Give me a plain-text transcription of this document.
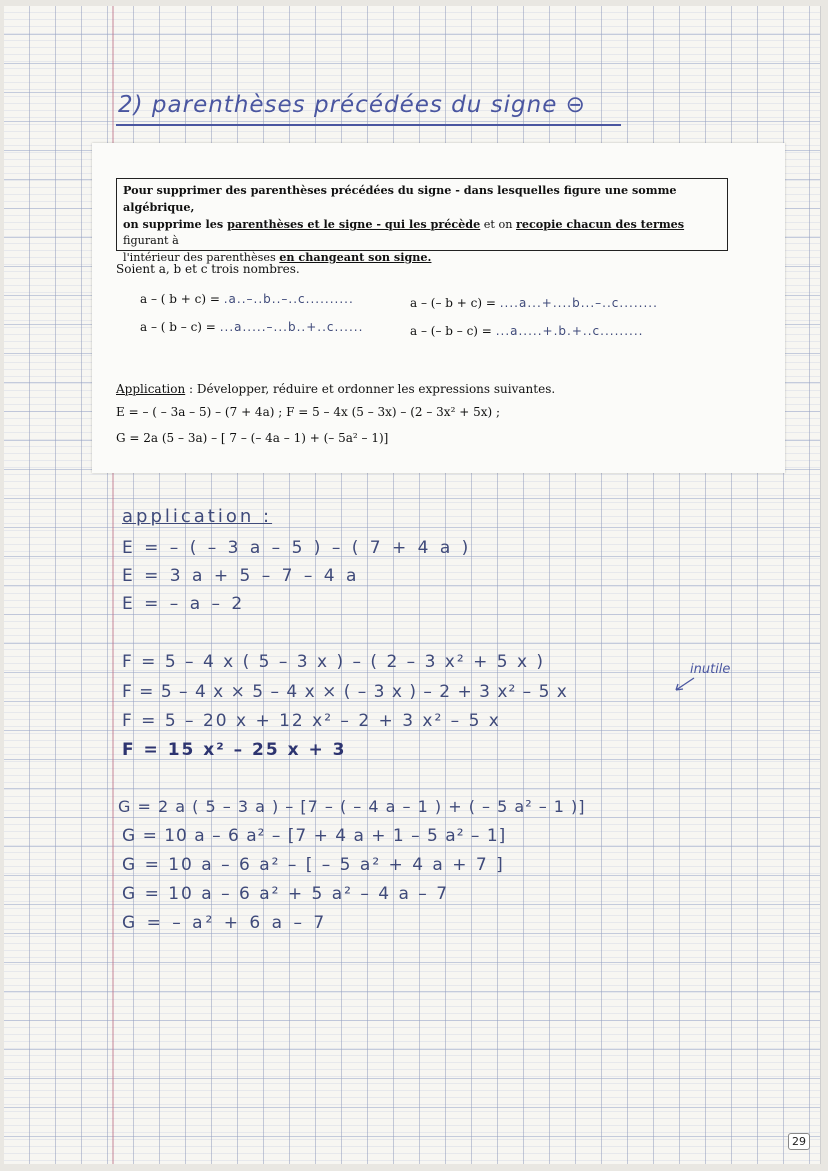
2) parenthèses précédées du signe ⊖
Pour supprimer des parenthèses précédées du signe - dans lesquelles figure une somme algébrique,
on supprime les parenthèses et le signe - qui les précède et on recopie chacun des termes figurant à
l'intérieur des parenthèses en changeant son signe.
Soient a, b et c trois nombres.
a – ( b + c) = .a..–..b..–..c..........	a – (– b + c) = ....a...+....b...–..c........
a – ( b – c) = ...a.....–...b..+..c......	a – (– b – c) = ...a.....+.b.+..c.........
Application : Développer, réduire et ordonner les expressions suivantes.
E = – ( – 3a – 5) – (7 + 4a) ; F = 5 – 4x (5 – 3x) – (2 – 3x² + 5x) ;
G = 2a (5 – 3a) – [ 7 – (– 4a – 1) + (– 5a² – 1)]
application :
E = – ( – 3 a – 5 ) – ( 7 + 4 a )
E = 3 a + 5 – 7 – 4 a
E = – a – 2
F = 5 – 4 x ( 5 – 3 x ) – ( 2 – 3 x² + 5 x )
F = 5 – 4 x × 5 – 4 x × ( – 3 x ) – 2 + 3 x² – 5 x
F = 5 – 20 x + 12 x² – 2 + 3 x² – 5 x
F = 15 x² – 25 x + 3
G = 2 a ( 5 – 3 a ) – [7 – ( – 4 a – 1 ) + ( – 5 a² – 1 )]
G = 10 a – 6 a² – [7 + 4 a + 1 – 5 a² – 1]
G = 10 a – 6 a² – [ – 5 a² + 4 a + 7 ]
G = 10 a – 6 a² + 5 a² – 4 a – 7
G = – a² + 6 a – 7
inutile
29
